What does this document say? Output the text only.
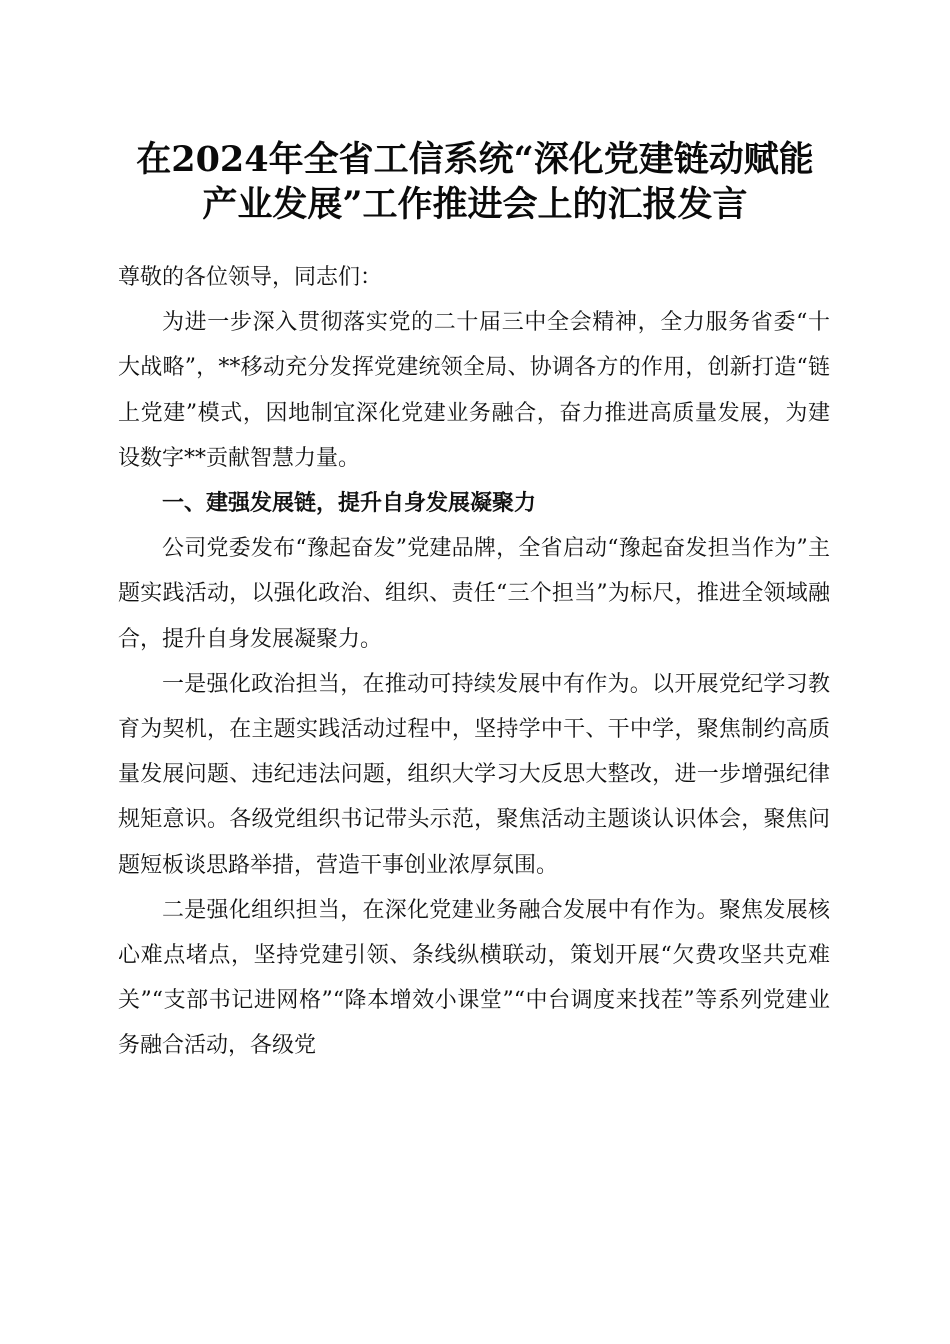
在2024年全省工信系统“深化党建链动赋能
产业发展”工作推进会上的汇报发言

尊敬的各位领导，同志们：

为进一步深入贯彻落实党的二十届三中全会精神，全力服务省委“十大战略”，**移动充分发挥党建统领全局、协调各方的作用，创新打造“链上党建”模式，因地制宜深化党建业务融合，奋力推进高质量发展，为建设数字**贡献智慧力量。

一、建强发展链，提升自身发展凝聚力

公司党委发布“豫起奋发”党建品牌，全省启动“豫起奋发担当作为”主题实践活动，以强化政治、组织、责任“三个担当”为标尺，推进全领域融合，提升自身发展凝聚力。

一是强化政治担当，在推动可持续发展中有作为。以开展党纪学习教育为契机，在主题实践活动过程中，坚持学中干、干中学，聚焦制约高质量发展问题、违纪违法问题，组织大学习大反思大整改，进一步增强纪律规矩意识。各级党组织书记带头示范，聚焦活动主题谈认识体会，聚焦问题短板谈思路举措，营造干事创业浓厚氛围。

二是强化组织担当，在深化党建业务融合发展中有作为。聚焦发展核心难点堵点，坚持党建引领、条线纵横联动，策划开展“欠费攻坚共克难关”“支部书记进网格”“降本增效小课堂”“中台调度来找茬”等系列党建业务融合活动，各级党
